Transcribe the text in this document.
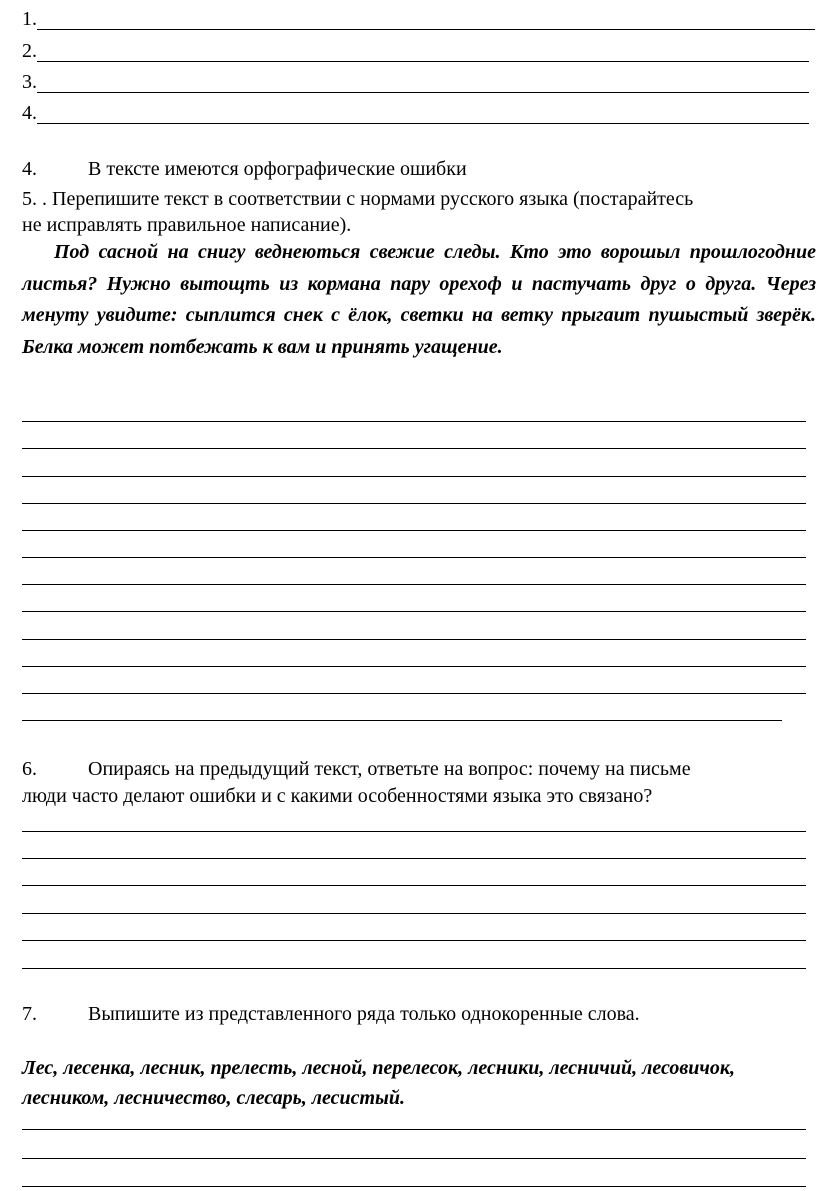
1.
2.
3.
4.
4.	В тексте имеются орфографические ошибки
5. . Перепишите текст в соответствии с нормами русского языка (постарайтесь
не исправлять правильное написание).
Под сасной на снигу веднеються свежие следы. Кто это ворошыл прошлогодние листья? Нужно вытощть из кормана пару орехоф и пастучать друг о друга. Через менуту увидите: сыплится снек с ёлок, светки на ветку прыгаит пушыстый зверёк. Белка может потбежать к вам и принять угащение.
6.	Опираясь на предыдущий текст, ответьте на вопрос: почему на письме
люди часто делают ошибки и с какими особенностями языка это связано?
7.	Выпишите из представленного ряда только однокоренные слова.
Лес, лесенка, лесник, прелесть, лесной, перелесок, лесники, лесничий, лесовичок, лесником, лесничество, слесарь, лесистый.
